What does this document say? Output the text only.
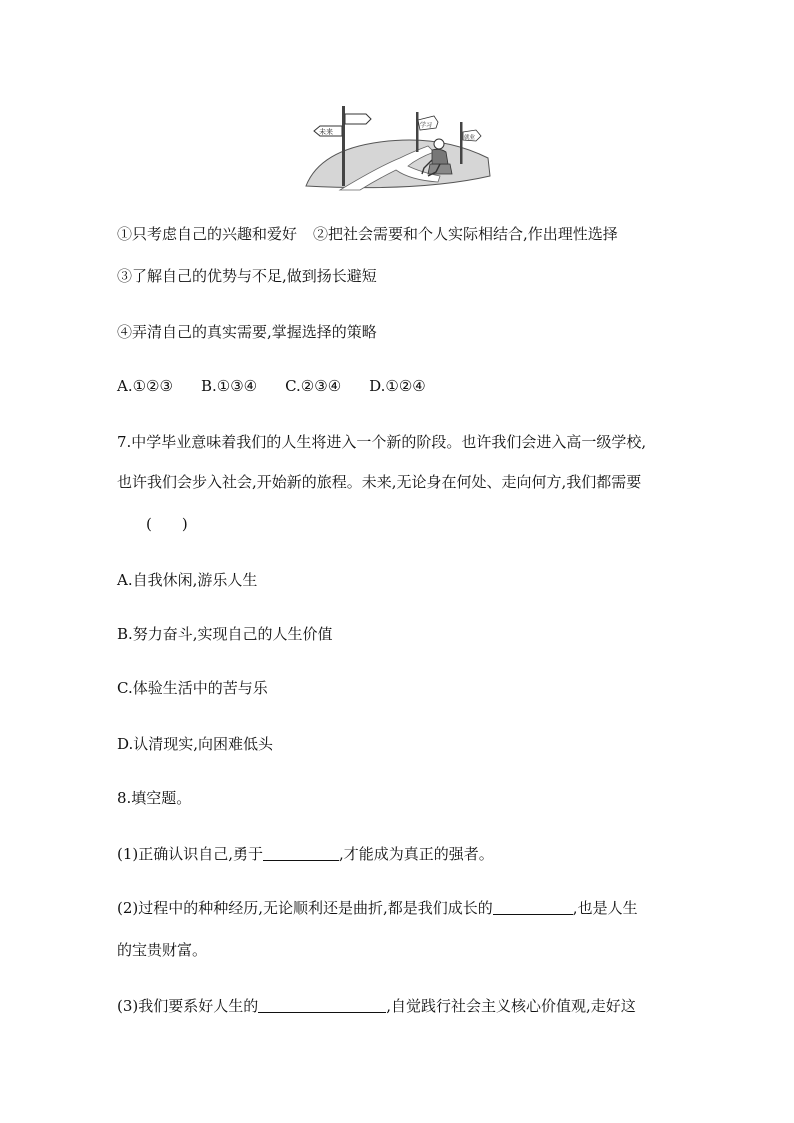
未来
学习
就业
①只考虑自己的兴趣和爱好 ②把社会需要和个人实际相结合,作出理性选择
③了解自己的优势与不足,做到扬长避短
④弄清自己的真实需要,掌握选择的策略
A.①②③ B.①③④ C.②③④ D.①②④
7.中学毕业意味着我们的人生将进入一个新的阶段。也许我们会进入高一级学校,
也许我们会步入社会,开始新的旅程。未来,无论身在何处、走向何方,我们都需要
(　　)
A.自我休闲,游乐人生
B.努力奋斗,实现自己的人生价值
C.体验生活中的苦与乐
D.认清现实,向困难低头
8.填空题。
(1)正确认识自己,勇于	,才能成为真正的强者。
(2)过程中的种种经历,无论顺利还是曲折,都是我们成长的	,也是人生
的宝贵财富。
(3)我们要系好人生的	,自觉践行社会主义核心价值观,走好这
